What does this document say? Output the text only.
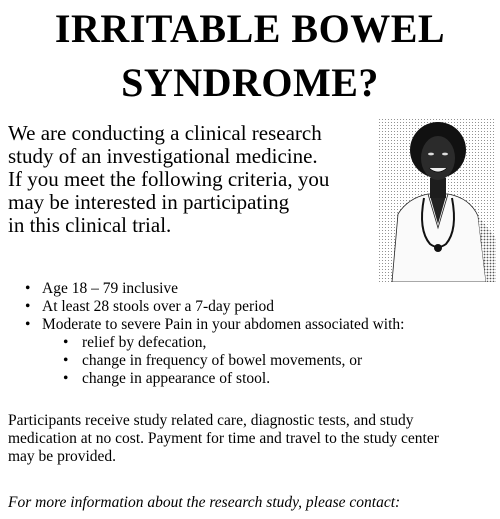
IRRITABLE BOWEL
SYNDROME?
We are conducting a clinical research
study of an investigational medicine.
If you meet the following criteria, you
may be interested in participating
in this clinical trial.
• Age 18 – 79 inclusive
• At least 28 stools over a 7-day period
• Moderate to severe Pain in your abdomen associated with:
• relief by defecation,
• change in frequency of bowel movements, or
• change in appearance of stool.
Participants receive study related care, diagnostic tests, and study
medication at no cost. Payment for time and travel to the study center
may be provided.
For more information about the research study, please contact:
